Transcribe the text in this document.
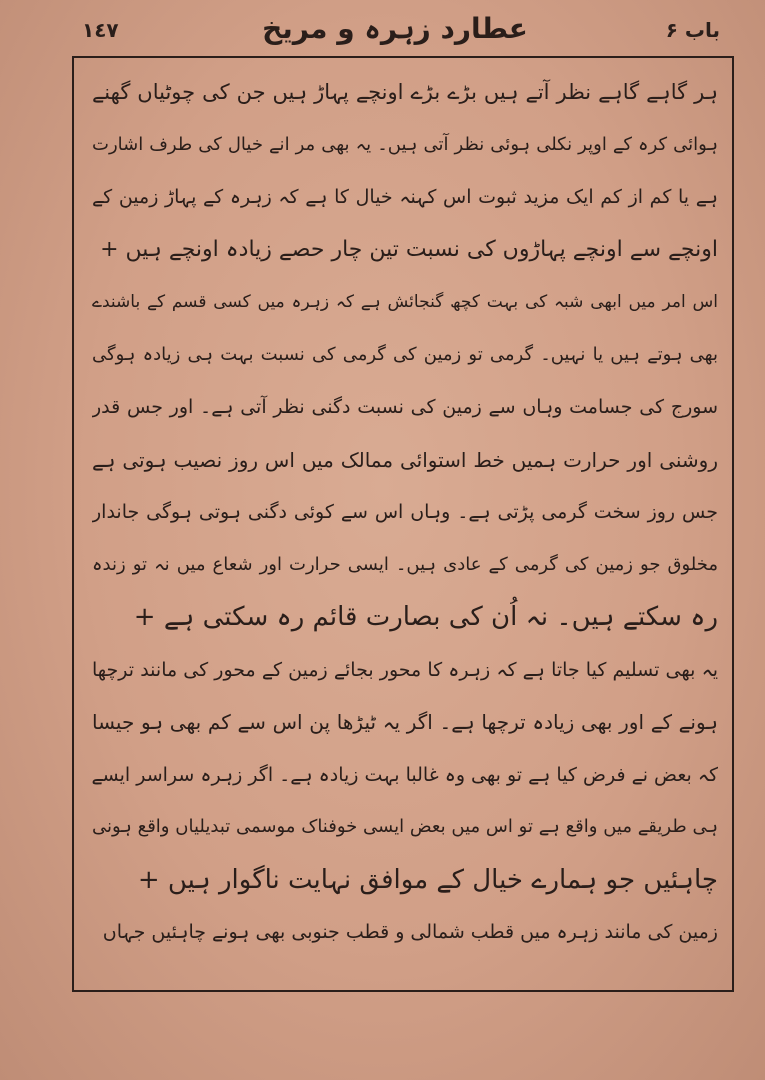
١٤٧	عطارد زہرہ و مریخ	باب ۶
ہر گاہے گاہے نظر آتے ہیں بڑے بڑے اونچے پہاڑ ہیں جن کی چوٹیاں گھنے
ہوائی کرہ کے اوپر نکلی ہوئی نظر آتی ہیں۔ یہ بھی مر انے خیال کی طرف اشارت
ہے یا کم از کم ایک مزید ثبوت اس کہنہ خیال کا ہے کہ زہرہ کے پہاڑ زمین کے
اونچے سے اونچے پہاڑوں کی نسبت تین چار حصے زیادہ اونچے ہیں +
اس امر میں ابھی شبہ کی بہت کچھ گنجائش ہے کہ زہرہ میں کسی قسم کے باشندے
بھی ہوتے ہیں یا نہیں۔ گرمی تو زمین کی گرمی کی نسبت بہت ہی زیادہ ہوگی
سورج کی جسامت وہاں سے زمین کی نسبت دگنی نظر آتی ہے۔ اور جس قدر
روشنی اور حرارت ہمیں خط استوائی ممالک میں اس روز نصیب ہوتی ہے
جس روز سخت گرمی پڑتی ہے۔ وہاں اس سے کوئی دگنی ہوتی ہوگی جاندار
مخلوق جو زمین کی گرمی کے عادی ہیں۔ ایسی حرارت اور شعاع میں نہ تو زندہ
رہ سکتے ہیں۔ نہ اُن کی بصارت قائم رہ سکتی ہے +
یہ بھی تسلیم کیا جاتا ہے کہ زہرہ کا محور بجائے زمین کے محور کی مانند ترچھا
ہونے کے اور بھی زیادہ ترچھا ہے۔ اگر یہ ٹیڑھا پن اس سے کم بھی ہو جیسا
کہ بعض نے فرض کیا ہے تو بھی وہ غالبا بہت زیادہ ہے۔ اگر زہرہ سراسر ایسے
ہی طریقے میں واقع ہے تو اس میں بعض ایسی خوفناک موسمی تبدیلیاں واقع ہونی
چاہئیں جو ہمارے خیال کے موافق نہایت ناگوار ہیں +
زمین کی مانند زہرہ میں قطب شمالی و قطب جنوبی بھی ہونے چاہئیں جہاں
